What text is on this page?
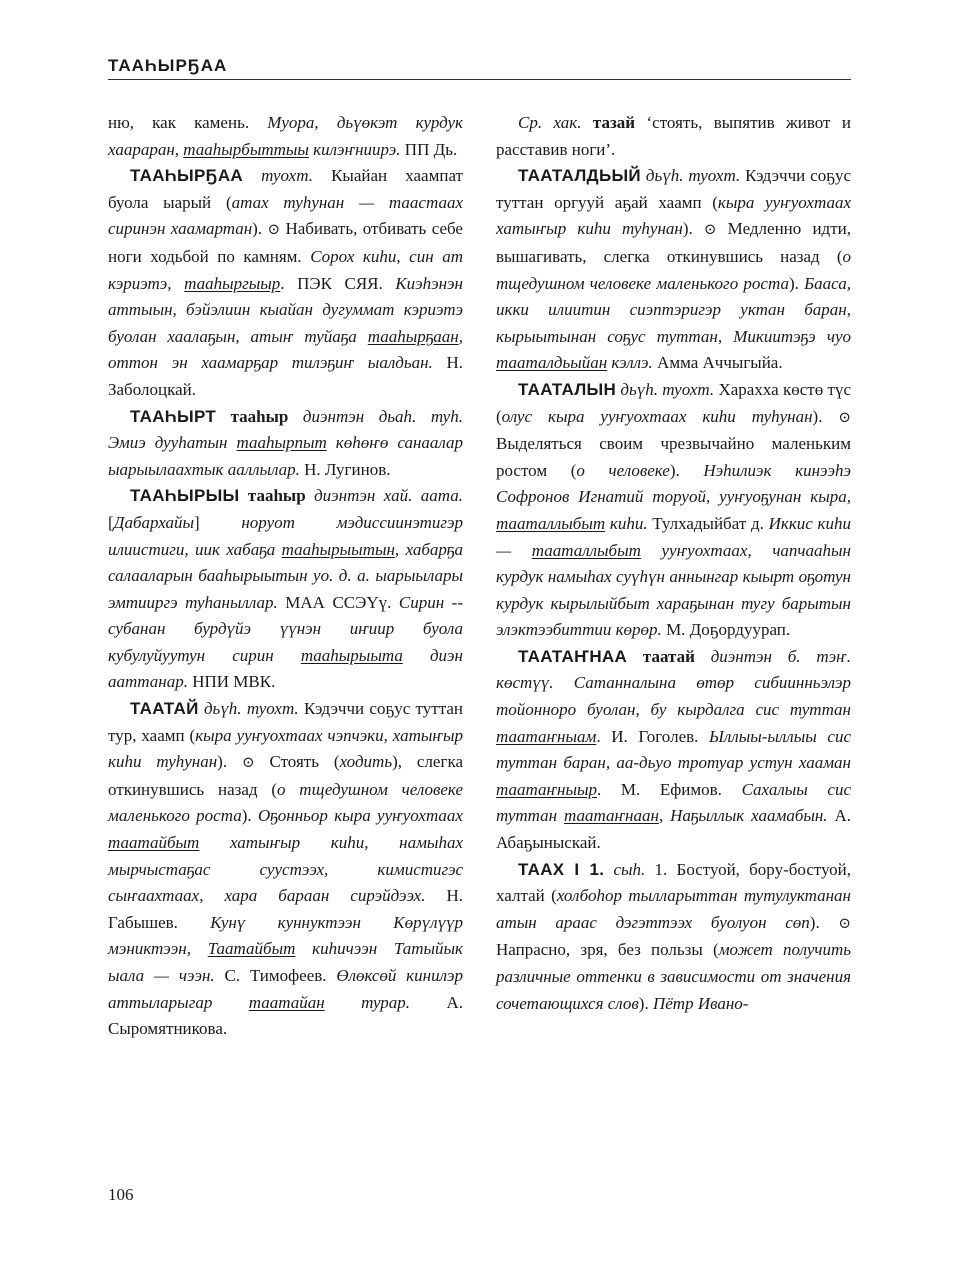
ТААҺЫРҔАА

ню, как камень. Муора, дьүөкэт курдук хаараран, тааһырбыттыы килэҥниирэ. ПП Дь.

ТААҺЫРҔАА туохт. Кыайан хаампат буола ыарый (атах туһунан — таастаах сиринэн хаамартан). ⊙ Набивать, отбивать себе ноги ходьбой по камням. Сорох киһи, син ат кэриэтэ, тааһыргыыр. ПЭК СЯЯ. Киэһэнэн аттыын, бэйэлиин кыайан дугуммат кэриэтэ буолан хаалаҕын, атыҥ туйаҕа тааһырҕаан, оттон эн хаамарҕар тилэҕиҥ ыалдьан. Н. Заболоцкай.

ТААҺЫРТ тааһыр диэнтэн дьаһ. туһ. Эмиэ дууһатын тааһырпыт көһөҥө санаалар ыарыылаахтык ааллылар. Н. Лугинов.

ТААҺЫРЫЫ тааһыр диэнтэн хай. аата. [Дабархайы] норуот мэдиссиинэтигэр илиистиги, иик хабаҕа тааһырыытын, хабарҕа салааларын бааһырыытын уо. д. а. ыарыылары эмтииргэ туһаныллар. МАА ССЭҮү. Сирин -- субанан бурдүйэ үүнэн иҥиир буола кубулуйуутун сирин тааһырыыта диэн ааттанар. НПИ МВК.

ТААТАЙ дьүһ. туохт. Кэдэччи соҕус туттан тур, хаамп (кыра ууҥуохтаах чэпчэки, хатыҥыр киһи туһунан). ⊙ Стоять (ходить), слегка откинувшись назад (о тщедушном человеке маленького роста). Оҕонньор кыра ууҥуохтаах таатайбыт хатыҥыр киһи, намыһах мырчыстаҕас суустээх, кимистигэс сыҥаахтаах, хара бараан сирэйдээх. Н. Габышев. Кунү куннуктээн Көрүлүүр мэниктээн, Таатайбыт киһичээн Татыйык ыала — чээн. С. Тимофеев. Өлөксөй кинилэр аттыларыгар таатайан турар. А. Сыромятникова.

Ср. хак. тазай ‘стоять, выпятив живот и расставив ноги’.

ТААТАЛДЬЫЙ дьүһ. туохт. Кэдэччи соҕус туттан оргууй аҕай хаамп (кыра ууҥуохтаах хатыҥыр киһи туһунан). ⊙ Медленно идти, вышагивать, слегка откинувшись назад (о тщедушном человеке маленького роста). Бааса, икки илиитин сиэптэригэр уктан баран, кырыытынан соҕус туттан, Микиитэҕэ чуо тааталдьыйан кэллэ. Амма Аччыгыйа.

ТААТАЛЫН дьүһ. туохт. Харахха көстө түс (олус кыра ууҥуохтаах киһи туһунан). ⊙ Выделяться своим чрезвычайно маленьким ростом (о человеке). Нэһилиэк кинээһэ Софронов Игнатий торуой, ууҥуоҕунан кыра, тааталлыбыт киһи. Тулхадыйбат д. Иккис киһи — тааталлыбыт ууҥуохтаах, чапчааһын курдук намыһах суүһүн аннынгар кыырт оҕотун курдук кырылыйбыт хараҕынан тугу барытын элэктээбиттии көрөр. М. Доҕордуурап.

ТААТАҤНАА таатай диэнтэн б. тэҥ. көстүү. Сатанналына өтөр сибиинньэлэр тойонноро буолан, бу кырдалга сис туттан таатаҥныам. И. Гоголев. Ыллыы-ыллыы сис туттан баран, аа-дьуо тротуар устун хааман таатаҥныыр. М. Ефимов. Сахалыы сис туттан таатаҥнаан, Наҕыллык хаамабын. А. Абаҕыныскай.

ТААХ I 1. сыһ. 1. Бостуой, бору-бостуой, халтай (холбоһор тылларыттан тутулуктанан атын араас дэгэттээх буолуон сөп). ⊙ Напрасно, зря, без пользы (может получить различные оттенки в зависимости от значения сочетающихся слов). Пётр Ивано-

106
